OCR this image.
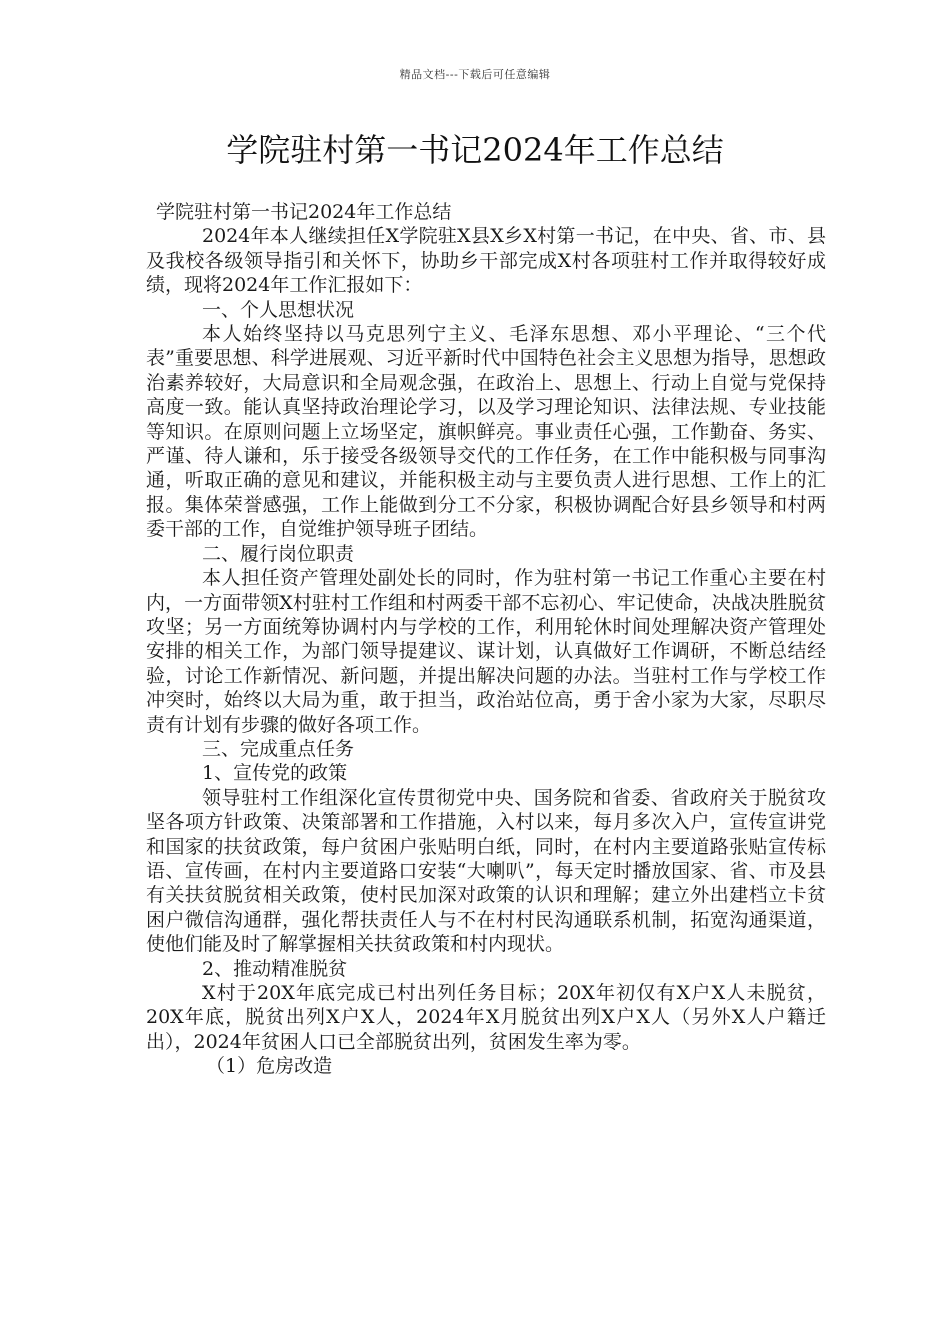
精品文档---下载后可任意编辑
学院驻村第一书记2024年工作总结

学院驻村第一书记2024年工作总结

2024年本人继续担任X学院驻X县X乡X村第一书记，在中央、省、市、县及我校各级领导指引和关怀下，协助乡干部完成X村各项驻村工作并取得较好成绩，现将2024年工作汇报如下：

一、个人思想状况

本人始终坚持以马克思列宁主义、毛泽东思想、邓小平理论、“三个代表”重要思想、科学进展观、习近平新时代中国特色社会主义思想为指导，思想政治素养较好，大局意识和全局观念强，在政治上、思想上、行动上自觉与党保持高度一致。能认真坚持政治理论学习，以及学习理论知识、法律法规、专业技能等知识。在原则问题上立场坚定，旗帜鲜亮。事业责任心强，工作勤奋、务实、严谨、待人谦和，乐于接受各级领导交代的工作任务，在工作中能积极与同事沟通，听取正确的意见和建议，并能积极主动与主要负责人进行思想、工作上的汇报。集体荣誉感强，工作上能做到分工不分家，积极协调配合好县乡领导和村两委干部的工作，自觉维护领导班子团结。

二、履行岗位职责

本人担任资产管理处副处长的同时，作为驻村第一书记工作重心主要在村内，一方面带领X村驻村工作组和村两委干部不忘初心、牢记使命，决战决胜脱贫攻坚；另一方面统筹协调村内与学校的工作，利用轮休时间处理解决资产管理处安排的相关工作，为部门领导提建议、谋计划，认真做好工作调研，不断总结经验，讨论工作新情况、新问题，并提出解决问题的办法。当驻村工作与学校工作冲突时，始终以大局为重，敢于担当，政治站位高，勇于舍小家为大家，尽职尽责有计划有步骤的做好各项工作。

三、完成重点任务

1、宣传党的政策

领导驻村工作组深化宣传贯彻党中央、国务院和省委、省政府关于脱贫攻坚各项方针政策、决策部署和工作措施，入村以来，每月多次入户，宣传宣讲党和国家的扶贫政策，每户贫困户张贴明白纸，同时，在村内主要道路张贴宣传标语、宣传画，在村内主要道路口安装“大喇叭”，每天定时播放国家、省、市及县有关扶贫脱贫相关政策，使村民加深对政策的认识和理解；建立外出建档立卡贫困户微信沟通群，强化帮扶责任人与不在村村民沟通联系机制，拓宽沟通渠道，使他们能及时了解掌握相关扶贫政策和村内现状。

2、推动精准脱贫

X村于20X年底完成已村出列任务目标；20X年初仅有X户X人未脱贫，20X年底，脱贫出列X户X人，2024年X月脱贫出列X户X人（另外X人户籍迁出），2024年贫困人口已全部脱贫出列，贫困发生率为零。

（1）危房改造
